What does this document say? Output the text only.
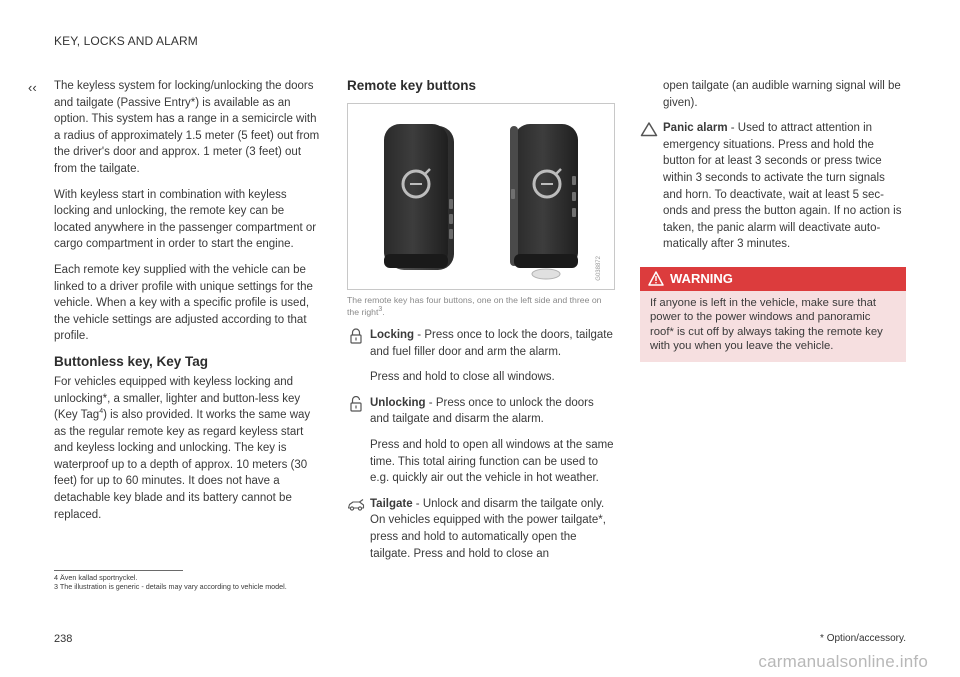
KEY, LOCKS AND ALARM
‹‹ The keyless system for locking/unlocking the doors and tailgate (Passive Entry*) is available as an option. This system has a range in a semicircle with a radius of approximately 1.5 meter (5 feet) out from the driver's door and approx. 1 meter (3 feet) out from the tailgate.

With keyless start in combination with keyless locking and unlocking, the remote key can be located anywhere in the passenger compartment or cargo compartment in order to start the engine.

Each remote key supplied with the vehicle can be linked to a driver profile with unique settings for the vehicle. When a key with a specific profile is used, the vehicle settings are adjusted according to that profile.

Buttonless key, Key Tag

For vehicles equipped with keyless locking and unlocking*, a smaller, lighter and button-less key (Key Tag$^4$) is also provided. It works the same way as the regular remote key as regard keyless start and keyless locking and unlocking. The key is waterproof up to a depth of approx. 10 meters (30 feet) for up to 60 minutes. It does not have a detachable key blade and its battery cannot be replaced.

Remote key buttons
G038872
The remote key has four buttons, one on the left side and three on the right$^3$.
Locking - Press once to lock the doors, tailgate and fuel filler door and arm the alarm.

Press and hold to close all windows.

Unlocking - Press once to unlock the doors and tailgate and disarm the alarm.

Press and hold to open all windows at the same time. This total airing function can be used to e.g. quickly air out the vehicle in hot weather.

Tailgate - Unlock and disarm the tailgate only. On vehicles equipped with the power tailgate*, press and hold to automatically open the tailgate. Press and hold to close an

open tailgate (an audible warning signal will be given).

Panic alarm - Used to attract attention in emergency situations. Press and hold the button for at least 3 seconds or press twice within 3 seconds to activate the turn signals and horn. To deactivate, wait at least 5 sec-onds and press the button again. If no action is taken, the panic alarm will deactivate auto-matically after 3 minutes.
WARNING
If anyone is left in the vehicle, make sure that power to the power windows and panoramic roof* is cut off by always taking the remote key with you when you leave the vehicle.
4 Även kallad sportnyckel.
3 The illustration is generic - details may vary according to vehicle model.
238	* Option/accessory.
carmanualsonline.info
